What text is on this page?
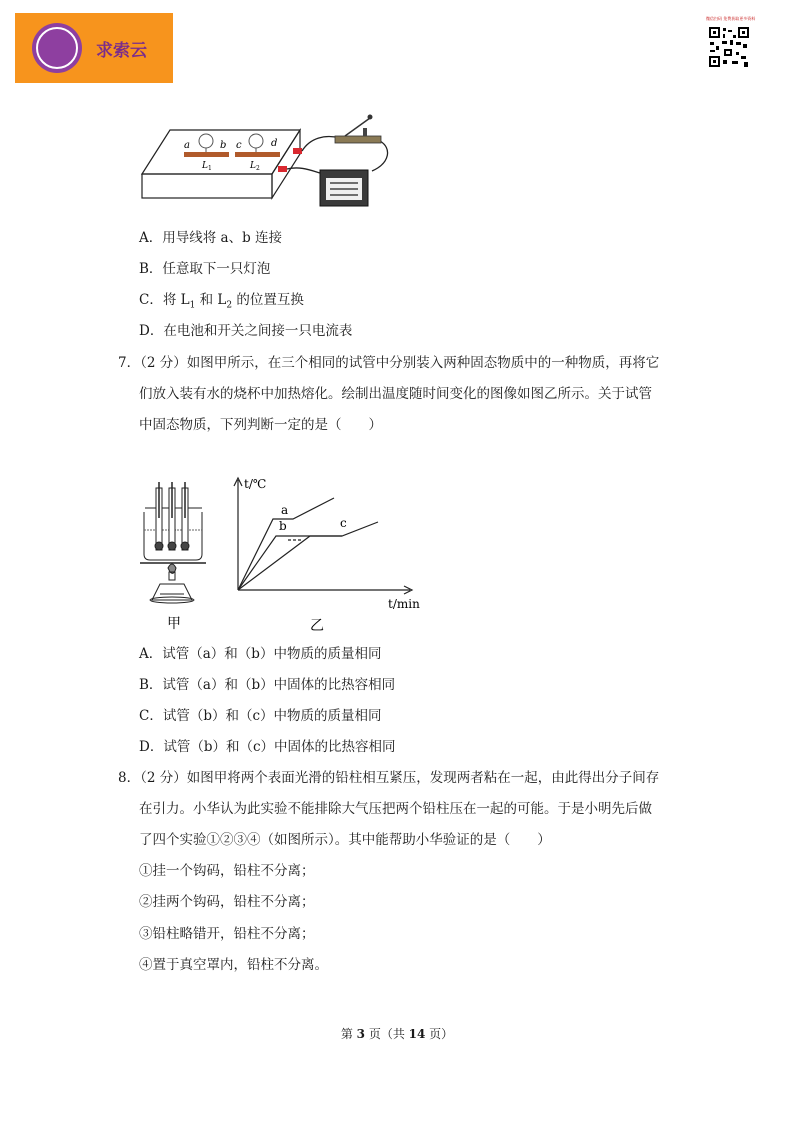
求索云
微信扫码 免费获取更多资料
a	b c	d
L 1	L 2
A．用导线将 a、b 连接
B．任意取下一只灯泡
C．将 $L_1$ 和 $L_2$ 的位置互换
D．在电池和开关之间接一只电流表
7．（2 分）如图甲所示，在三个相同的试管中分别装入两种固态物质中的一种物质，再将它
们放入装有水的烧杯中加热熔化。绘制出温度随时间变化的图像如图乙所示。关于试管
中固态物质，下列判断一定的是（　　）
t/℃
t/min
a
b	c
甲	乙
A．试管（a）和（b）中物质的质量相同
B．试管（a）和（b）中固体的比热容相同
C．试管（b）和（c）中物质的质量相同
D．试管（b）和（c）中固体的比热容相同
8．（2 分）如图甲将两个表面光滑的铅柱相互紧压，发现两者粘在一起，由此得出分子间存
在引力。小华认为此实验不能排除大气压把两个铅柱压在一起的可能。于是小明先后做
了四个实验①②③④（如图所示）。其中能帮助小华验证的是（　　）
①挂一个钩码，铅柱不分离；
②挂两个钩码，铅柱不分离；
③铅柱略错开，铅柱不分离；
④置于真空罩内，铅柱不分离。
第 3 页（共 14 页）
